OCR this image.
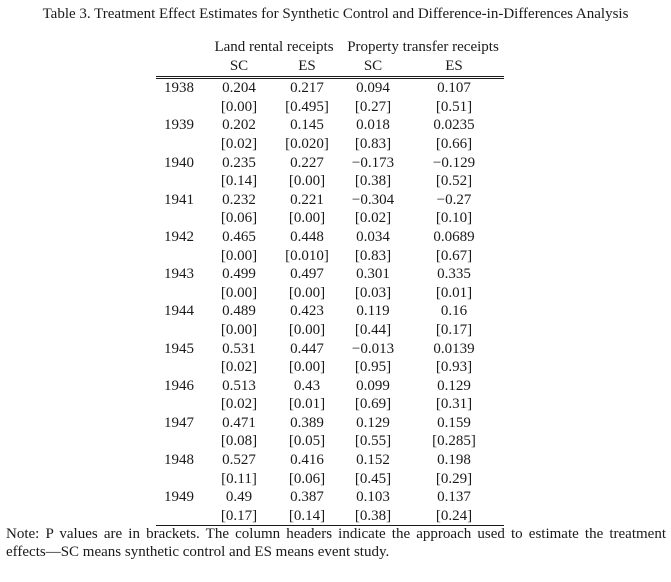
Table 3. Treatment Effect Estimates for Synthetic Control and Difference-in-Differences Analysis
	Land rental receipts		Property transfer receipts	
	SC	ES	SC	ES
1938	0.204	0.217	0.094	0.107
	[0.00]	[0.495]	[0.27]	[0.51]
1939	0.202	0.145	0.018	0.0235
	[0.02]	[0.020]	[0.83]	[0.66]
1940	0.235	0.227	−0.173	−0.129
	[0.14]	[0.00]	[0.38]	[0.52]
1941	0.232	0.221	−0.304	−0.27
	[0.06]	[0.00]	[0.02]	[0.10]
1942	0.465	0.448	0.034	0.0689
	[0.00]	[0.010]	[0.83]	[0.67]
1943	0.499	0.497	0.301	0.335
	[0.00]	[0.00]	[0.03]	[0.01]
1944	0.489	0.423	0.119	0.16
	[0.00]	[0.00]	[0.44]	[0.17]
1945	0.531	0.447	−0.013	0.0139
	[0.02]	[0.00]	[0.95]	[0.93]
1946	0.513	0.43	0.099	0.129
	[0.02]	[0.01]	[0.69]	[0.31]
1947	0.471	0.389	0.129	0.159
	[0.08]	[0.05]	[0.55]	[0.285]
1948	0.527	0.416	0.152	0.198
	[0.11]	[0.06]	[0.45]	[0.29]
1949	0.49	0.387	0.103	0.137
	[0.17]	[0.14]	[0.38]	[0.24]
Note: P values are in brackets. The column headers indicate the approach used to estimate the treatment effects—SC means synthetic control and ES means event study.
